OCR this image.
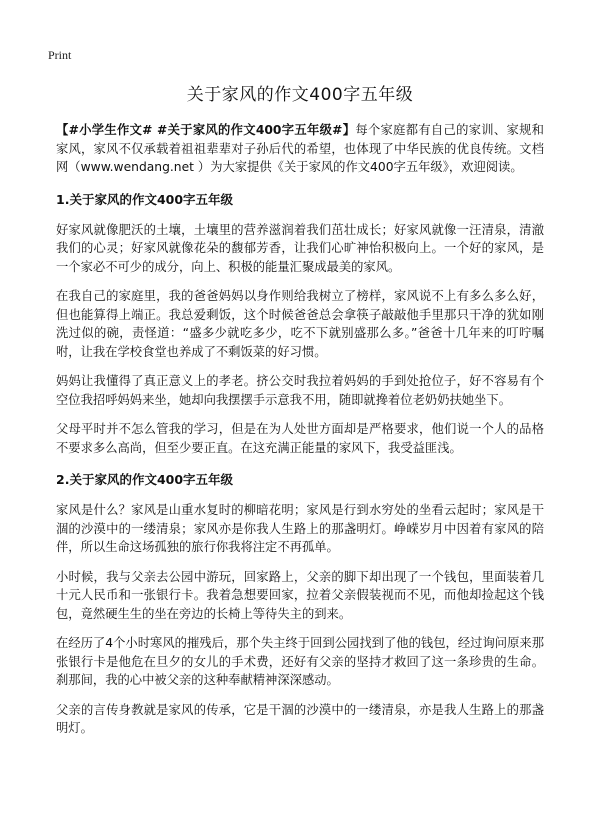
Print
关于家风的作文400字五年级

【#小学生作文# #关于家风的作文400字五年级#】每个家庭都有自己的家训、家规和家风，家风不仅承载着祖祖辈辈对子孙后代的希望，也体现了中华民族的优良传统。文档网（www.wendang.net ）为大家提供《关于家风的作文400字五年级》，欢迎阅读。

1.关于家风的作文400字五年级

好家风就像肥沃的土壤，土壤里的营养滋润着我们茁壮成长；好家风就像一汪清泉，清澈我们的心灵；好家风就像花朵的馥郁芳香，让我们心旷神怡积极向上。一个好的家风，是一个家必不可少的成分，向上、积极的能量汇聚成最美的家风。

在我自己的家庭里，我的爸爸妈妈以身作则给我树立了榜样，家风说不上有多么多么好，但也能算得上端正。我总爱剩饭，这个时候爸爸总会拿筷子敲敲他手里那只干净的犹如刚洗过似的碗，责怪道：“盛多少就吃多少，吃不下就别盛那么多。”爸爸十几年来的叮咛嘱咐，让我在学校食堂也养成了不剩饭菜的好习惯。

妈妈让我懂得了真正意义上的孝老。挤公交时我拉着妈妈的手到处抢位子，好不容易有个空位我招呼妈妈来坐，她却向我摆摆手示意我不用，随即就搀着位老奶奶扶她坐下。

父母平时并不怎么管我的学习，但是在为人处世方面却是严格要求，他们说一个人的品格不要求多么高尚，但至少要正直。在这充满正能量的家风下，我受益匪浅。

2.关于家风的作文400字五年级

家风是什么？家风是山重水复时的柳暗花明；家风是行到水穷处的坐看云起时；家风是干涸的沙漠中的一缕清泉；家风亦是你我人生路上的那盏明灯。峥嵘岁月中因着有家风的陪伴，所以生命这场孤独的旅行你我将注定不再孤单。

小时候，我与父亲去公园中游玩，回家路上，父亲的脚下却出现了一个钱包，里面装着几十元人民币和一张银行卡。我着急想要回家，拉着父亲假装视而不见，而他却捡起这个钱包，竟然硬生生的坐在旁边的长椅上等待失主的到来。

在经历了4个小时寒风的摧残后，那个失主终于回到公园找到了他的钱包，经过询问原来那张银行卡是他危在旦夕的女儿的手术费，还好有父亲的坚持才救回了这一条珍贵的生命。刹那间，我的心中被父亲的这种奉献精神深深感动。

父亲的言传身教就是家风的传承，它是干涸的沙漠中的一缕清泉，亦是我人生路上的那盏明灯。
